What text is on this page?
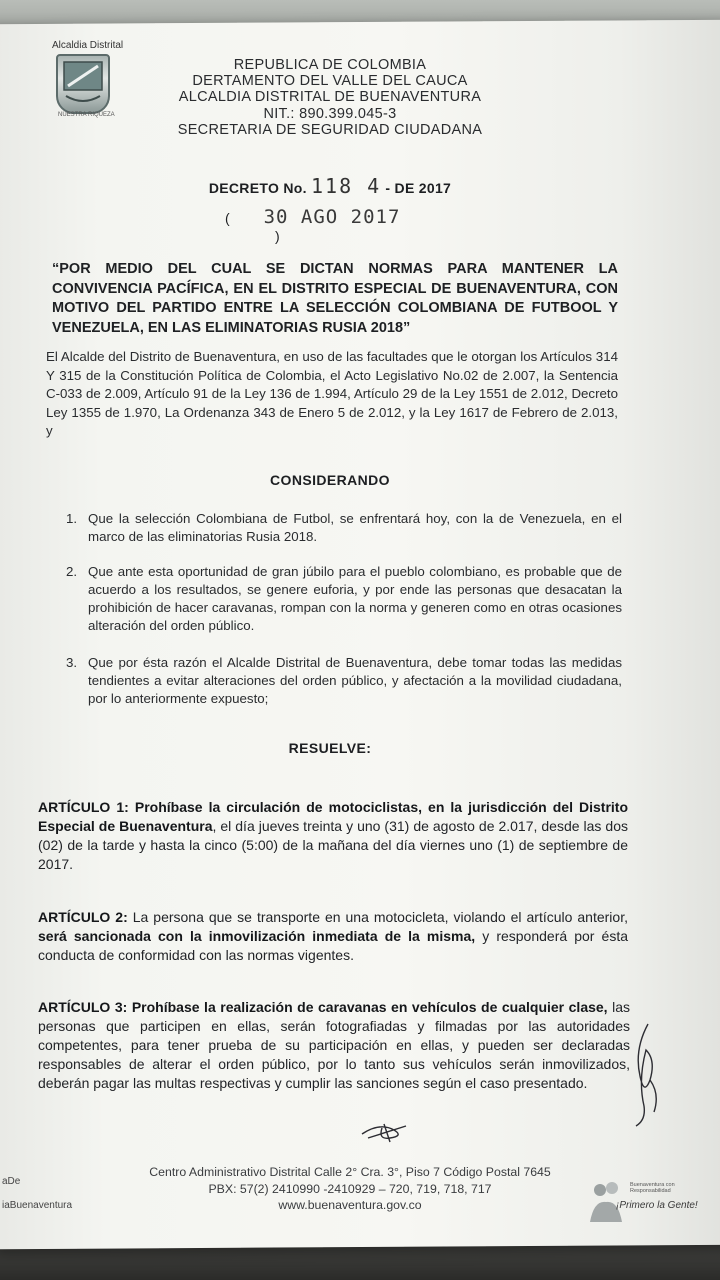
Alcaldia Distrital
NUESTRA RIQUEZA
REPUBLICA DE COLOMBIA
DERTAMENTO DEL VALLE DEL CAUCA
ALCALDIA DISTRITAL DE BUENAVENTURA
NIT.: 890.399.045-3
SECRETARIA DE SEGURIDAD CIUDADANA
DECRETO No. 118 4 - DE 2017
( 30 AGO 2017 )
“POR MEDIO DEL CUAL SE DICTAN NORMAS PARA MANTENER LA CONVIVENCIA PACÍFICA, EN EL DISTRITO ESPECIAL DE BUENAVENTURA, CON MOTIVO DEL PARTIDO ENTRE LA SELECCIÓN COLOMBIANA DE FUTBOOL Y VENEZUELA, EN LAS ELIMINATORIAS RUSIA 2018”
El Alcalde del Distrito de Buenaventura, en uso de las facultades que le otorgan los Artículos 314 Y 315 de la Constitución Política de Colombia, el Acto Legislativo No.02 de 2.007, la Sentencia C-033 de 2.009, Artículo 91 de la Ley 136 de 1.994, Artículo 29 de la Ley 1551 de 2.012, Decreto Ley 1355 de 1.970, La Ordenanza 343 de Enero 5 de 2.012, y la Ley 1617 de Febrero de 2.013, y
CONSIDERANDO
1. Que la selección Colombiana de Futbol, se enfrentará hoy, con la de Venezuela, en el marco de las eliminatorias Rusia 2018.
2. Que ante esta oportunidad de gran júbilo para el pueblo colombiano, es probable que de acuerdo a los resultados, se genere euforia, y por ende las personas que desacatan la prohibición de hacer caravanas, rompan con la norma y generen como en otras ocasiones alteración del orden público.
3. Que por ésta razón el Alcalde Distrital de Buenaventura, debe tomar todas las medidas tendientes a evitar alteraciones del orden público, y afectación a la movilidad ciudadana, por lo anteriormente expuesto;
RESUELVE:
ARTÍCULO 1: Prohíbase la circulación de motociclistas, en la jurisdicción del Distrito Especial de Buenaventura, el día jueves treinta y uno (31) de agosto de 2.017, desde las dos (02) de la tarde y hasta la cinco (5:00) de la mañana del día viernes uno (1) de septiembre de 2017.
ARTÍCULO 2: La persona que se transporte en una motocicleta, violando el artículo anterior, será sancionada con la inmovilización inmediata de la misma, y responderá por ésta conducta de conformidad con las normas vigentes.
ARTÍCULO 3: Prohíbase la realización de caravanas en vehículos de cualquier clase, las personas que participen en ellas, serán fotografiadas y filmadas por las autoridades competentes, para tener prueba de su participación en ellas, y pueden ser declaradas responsables de alterar el orden público, por lo tanto sus vehículos serán inmovilizados, deberán pagar las multas respectivas y cumplir las sanciones según el caso presentado.
Centro Administrativo Distrital Calle 2° Cra. 3°, Piso 7 Código Postal 7645
PBX: 57(2) 2410990 -2410929 – 720, 719, 718, 717
www.buenaventura.gov.co
aDe
iaBuenaventura
Buenaventura con Responsabilidad
¡Primero la Gente!
